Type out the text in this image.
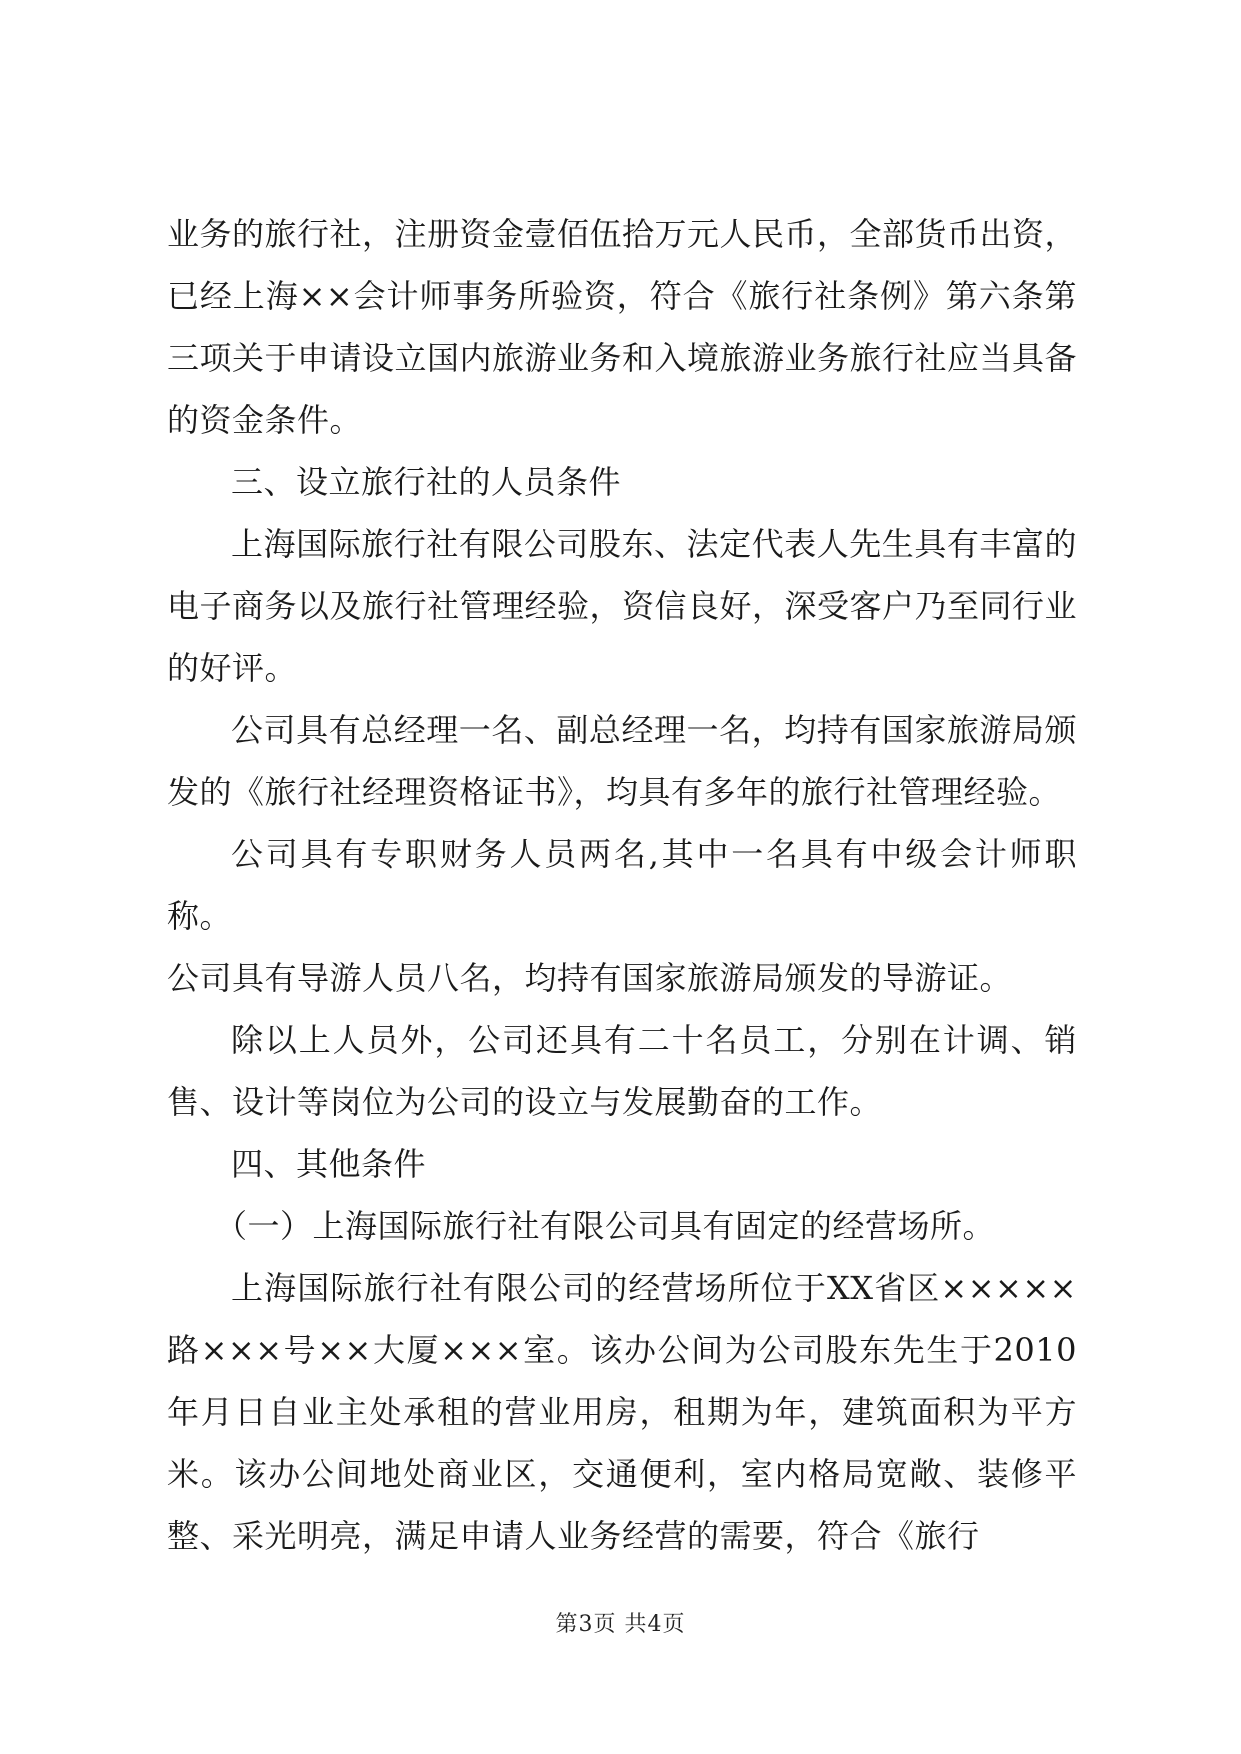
业务的旅行社，注册资金壹佰伍拾万元人民币，全部货币出资，已经上海××会计师事务所验资，符合《旅行社条例》第六条第三项关于申请设立国内旅游业务和入境旅游业务旅行社应当具备的资金条件。

三、设立旅行社的人员条件

上海国际旅行社有限公司股东、法定代表人先生具有丰富的电子商务以及旅行社管理经验，资信良好，深受客户乃至同行业的好评。

公司具有总经理一名、副总经理一名，均持有国家旅游局颁发的《旅行社经理资格证书》，均具有多年的旅行社管理经验。

公司具有专职财务人员两名,其中一名具有中级会计师职称。

公司具有导游人员八名，均持有国家旅游局颁发的导游证。

除以上人员外，公司还具有二十名员工，分别在计调、销售、设计等岗位为公司的设立与发展勤奋的工作。

四、其他条件

（一）上海国际旅行社有限公司具有固定的经营场所。

上海国际旅行社有限公司的经营场所位于XX省区×××××路×××号××大厦×××室。该办公间为公司股东先生于2010年月日自业主处承租的营业用房，租期为年，建筑面积为平方米。该办公间地处商业区，交通便利，室内格局宽敞、装修平整、采光明亮，满足申请人业务经营的需要，符合《旅行

第3页 共4页
